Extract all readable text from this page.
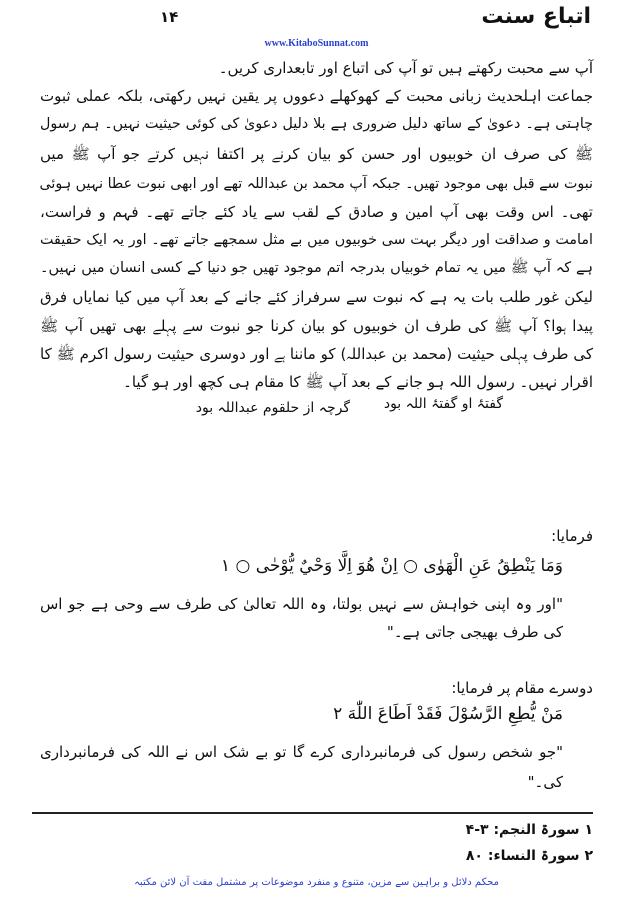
اتباع سنت
۱۴
www.KitaboSunnat.com
آپ سے محبت رکھتے ہیں تو آپ کی اتباع اور تابعداری کریں۔
جماعت اہلحدیث زبانی محبت کے کھوکھلے دعووں پر یقین نہیں رکھتی، بلکہ عملی ثبوت
چاہتی ہے۔ دعویٰ کے ساتھ دلیل ضروری ہے بلا دلیل دعویٰ کی کوئی حیثیت نہیں۔ ہم رسول
ﷺ کی صرف ان خوبیوں اور حسن کو بیان کرنے پر اکتفا نہیں کرتے جو آپ ﷺ میں
نبوت سے قبل بھی موجود تھیں۔ جبکہ آپ محمد بن عبداللہ تھے اور ابھی نبوت عطا نہیں ہوئی
تھی۔ اس وقت بھی آپ امین و صادق کے لقب سے یاد کئے جاتے تھے۔ فہم و فراست،
امامت و صداقت اور دیگر بہت سی خوبیوں میں بے مثل سمجھے جاتے تھے۔ اور یہ ایک حقیقت
ہے کہ آپ ﷺ میں یہ تمام خوبیاں بدرجہ اتم موجود تھیں جو دنیا کے کسی انسان میں نہیں۔
لیکن غور طلب بات یہ ہے کہ نبوت سے سرفراز کئے جانے کے بعد آپ میں کیا نمایاں فرق
پیدا ہوا؟ آپ ﷺ کی طرف ان خوبیوں کو بیان کرنا جو نبوت سے پہلے بھی تھیں آپ ﷺ
کی طرف پہلی حیثیت (محمد بن عبداللہ) کو ماننا ہے اور دوسری حیثیت رسول اکرم ﷺ کا
اقرار نہیں۔ رسول اللہ ہو جانے کے بعد آپ ﷺ کا مقام ہی کچھ اور ہو گیا۔
گفتۂ او گفتۂ اللہ بود
گرچہ از حلقوم عبداللہ بود
فرمایا:
وَمَا يَنْطِقُ عَنِ الْهَوٰى ○ اِنْ هُوَ اِلَّا وَحْيٌ يُّوْحٰى ○ ۱
"اور وہ اپنی خواہش سے نہیں بولتا، وہ اللہ تعالیٰ کی طرف سے وحی ہے جو اس
کی طرف بھیجی جاتی ہے۔"
دوسرے مقام پر فرمایا:
مَنْ يُّطِعِ الرَّسُوْلَ فَقَدْ اَطَاعَ اللّٰهَ ۲
"جو شخص رسول کی فرمانبرداری کرے گا تو بے شک اس نے اللہ کی فرمانبرداری
کی۔"
۱ سورۃ النجم: ۳-۴
۲ سورۃ النساء: ۸۰
محکم دلائل و براہین سے مزین، متنوع و منفرد موضوعات پر مشتمل مفت آن لائن مکتبہ
